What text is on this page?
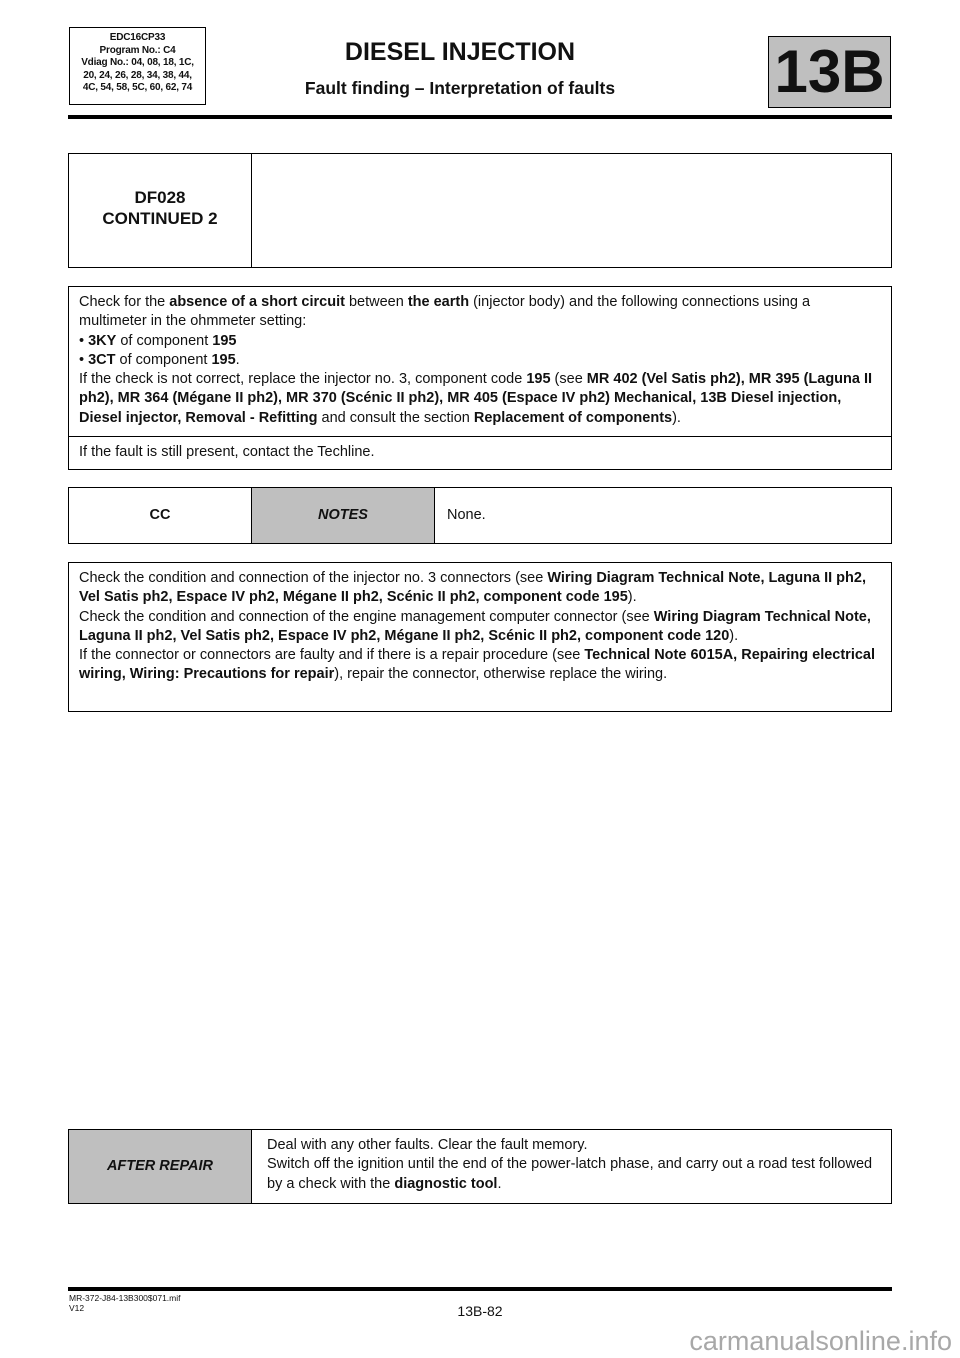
EDC16CP33
Program No.: C4
Vdiag No.: 04, 08, 18, 1C,
20, 24, 26, 28, 34, 38, 44,
4C, 54, 58, 5C, 60, 62, 74
DIESEL INJECTION
Fault finding – Interpretation of faults	13B
DF028
CONTINUED 2
Check for the absence of a short circuit between the earth (injector body) and the following connections using a multimeter in the ohmmeter setting:
• 3KY of component 195
• 3CT of component 195.
If the check is not correct, replace the injector no. 3, component code 195 (see MR 402 (Vel Satis ph2), MR 395 (Laguna II ph2), MR 364 (Mégane II ph2), MR 370 (Scénic II ph2), MR 405 (Espace IV ph2) Mechanical, 13B Diesel injection, Diesel injector, Removal - Refitting and consult the section Replacement of components).
If the fault is still present, contact the Techline.
CC	NOTES	None.
Check the condition and connection of the injector no. 3 connectors (see Wiring Diagram Technical Note, Laguna II ph2, Vel Satis ph2, Espace IV ph2, Mégane II ph2, Scénic II ph2, component code 195).
Check the condition and connection of the engine management computer connector (see Wiring Diagram Technical Note, Laguna II ph2, Vel Satis ph2, Espace IV ph2, Mégane II ph2, Scénic II ph2, component code 120).
If the connector or connectors are faulty and if there is a repair procedure (see Technical Note 6015A, Repairing electrical wiring, Wiring: Precautions for repair), repair the connector, otherwise replace the wiring.
AFTER REPAIR
Deal with any other faults. Clear the fault memory.
Switch off the ignition until the end of the power-latch phase, and carry out a road test followed by a check with the diagnostic tool.
MR-372-J84-13B300$071.mif
V12	13B-82
carmanualsonline.info
